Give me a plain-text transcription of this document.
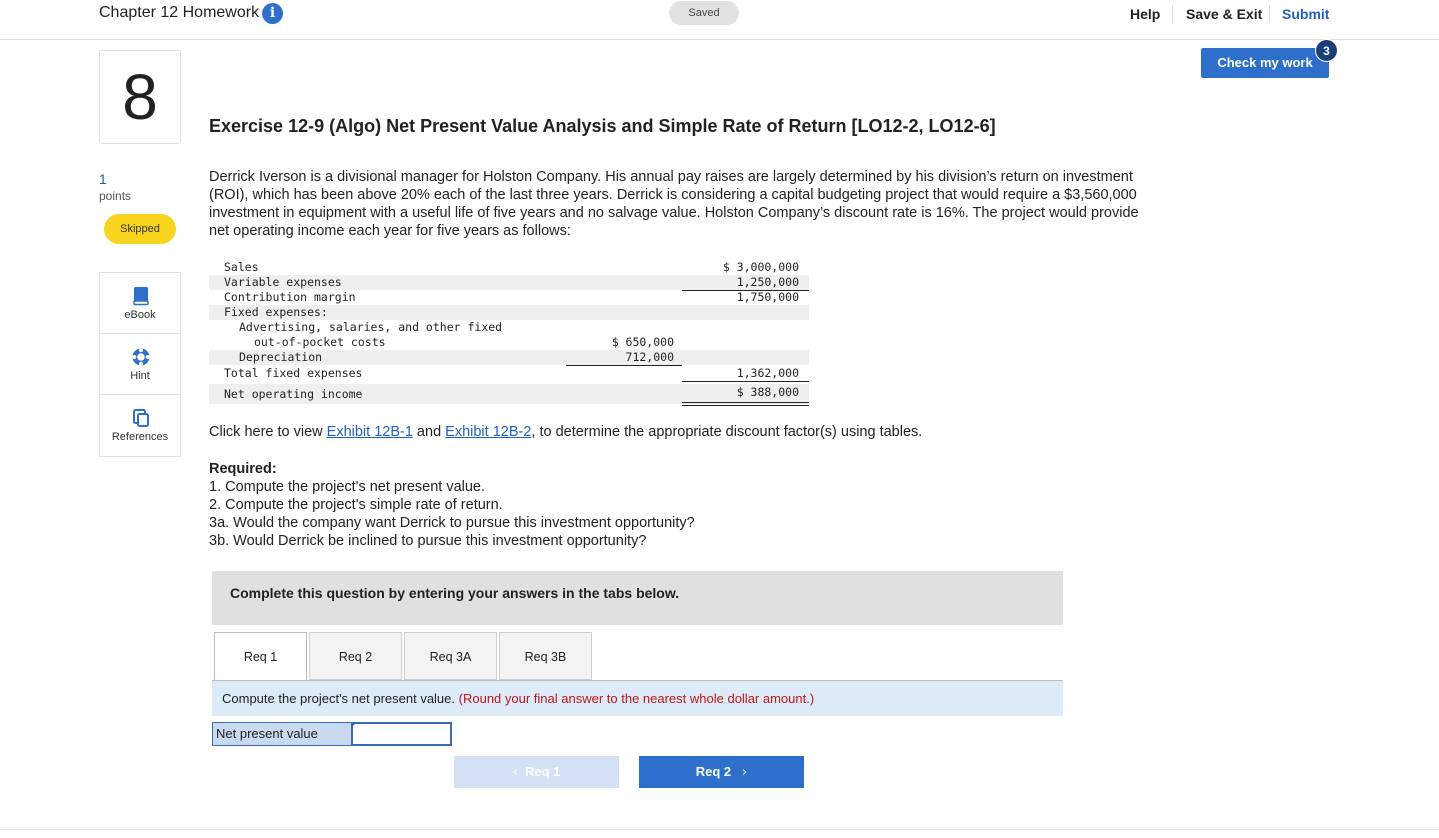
Chapter 12 Homework i	Saved	Help Save & Exit Submit
Check my work
3
8
1
points
Skipped
eBook
Hint
References
Exercise 12-9 (Algo) Net Present Value Analysis and Simple Rate of Return [LO12-2, LO12-6]
Derrick Iverson is a divisional manager for Holston Company. His annual pay raises are largely determined by his division’s return on investment (ROI), which has been above 20% each of the last three years. Derrick is considering a capital budgeting project that would require a $3,560,000 investment in equipment with a useful life of five years and no salvage value. Holston Company’s discount rate is 16%. The project would provide net operating income each year for five years as follows:
Sales	$ 3,000,000
Variable expenses	1,250,000
Contribution margin	1,750,000
Fixed expenses:
Advertising, salaries, and other fixed
out-of-pocket costs	$ 650,000
Depreciation	712,000
Total fixed expenses	1,362,000
Net operating income	$ 388,000
Click here to view Exhibit 12B-1 and Exhibit 12B-2, to determine the appropriate discount factor(s) using tables.
Required:
1. Compute the project's net present value.
2. Compute the project's simple rate of return.
3a. Would the company want Derrick to pursue this investment opportunity?
3b. Would Derrick be inclined to pursue this investment opportunity?
Complete this question by entering your answers in the tabs below.
Req 1	Req 2	Req 3A	Req 3B
Compute the project's net present value. (Round your final answer to the nearest whole dollar amount.)
Net present value
‹ Req 1	Req 2 ›
